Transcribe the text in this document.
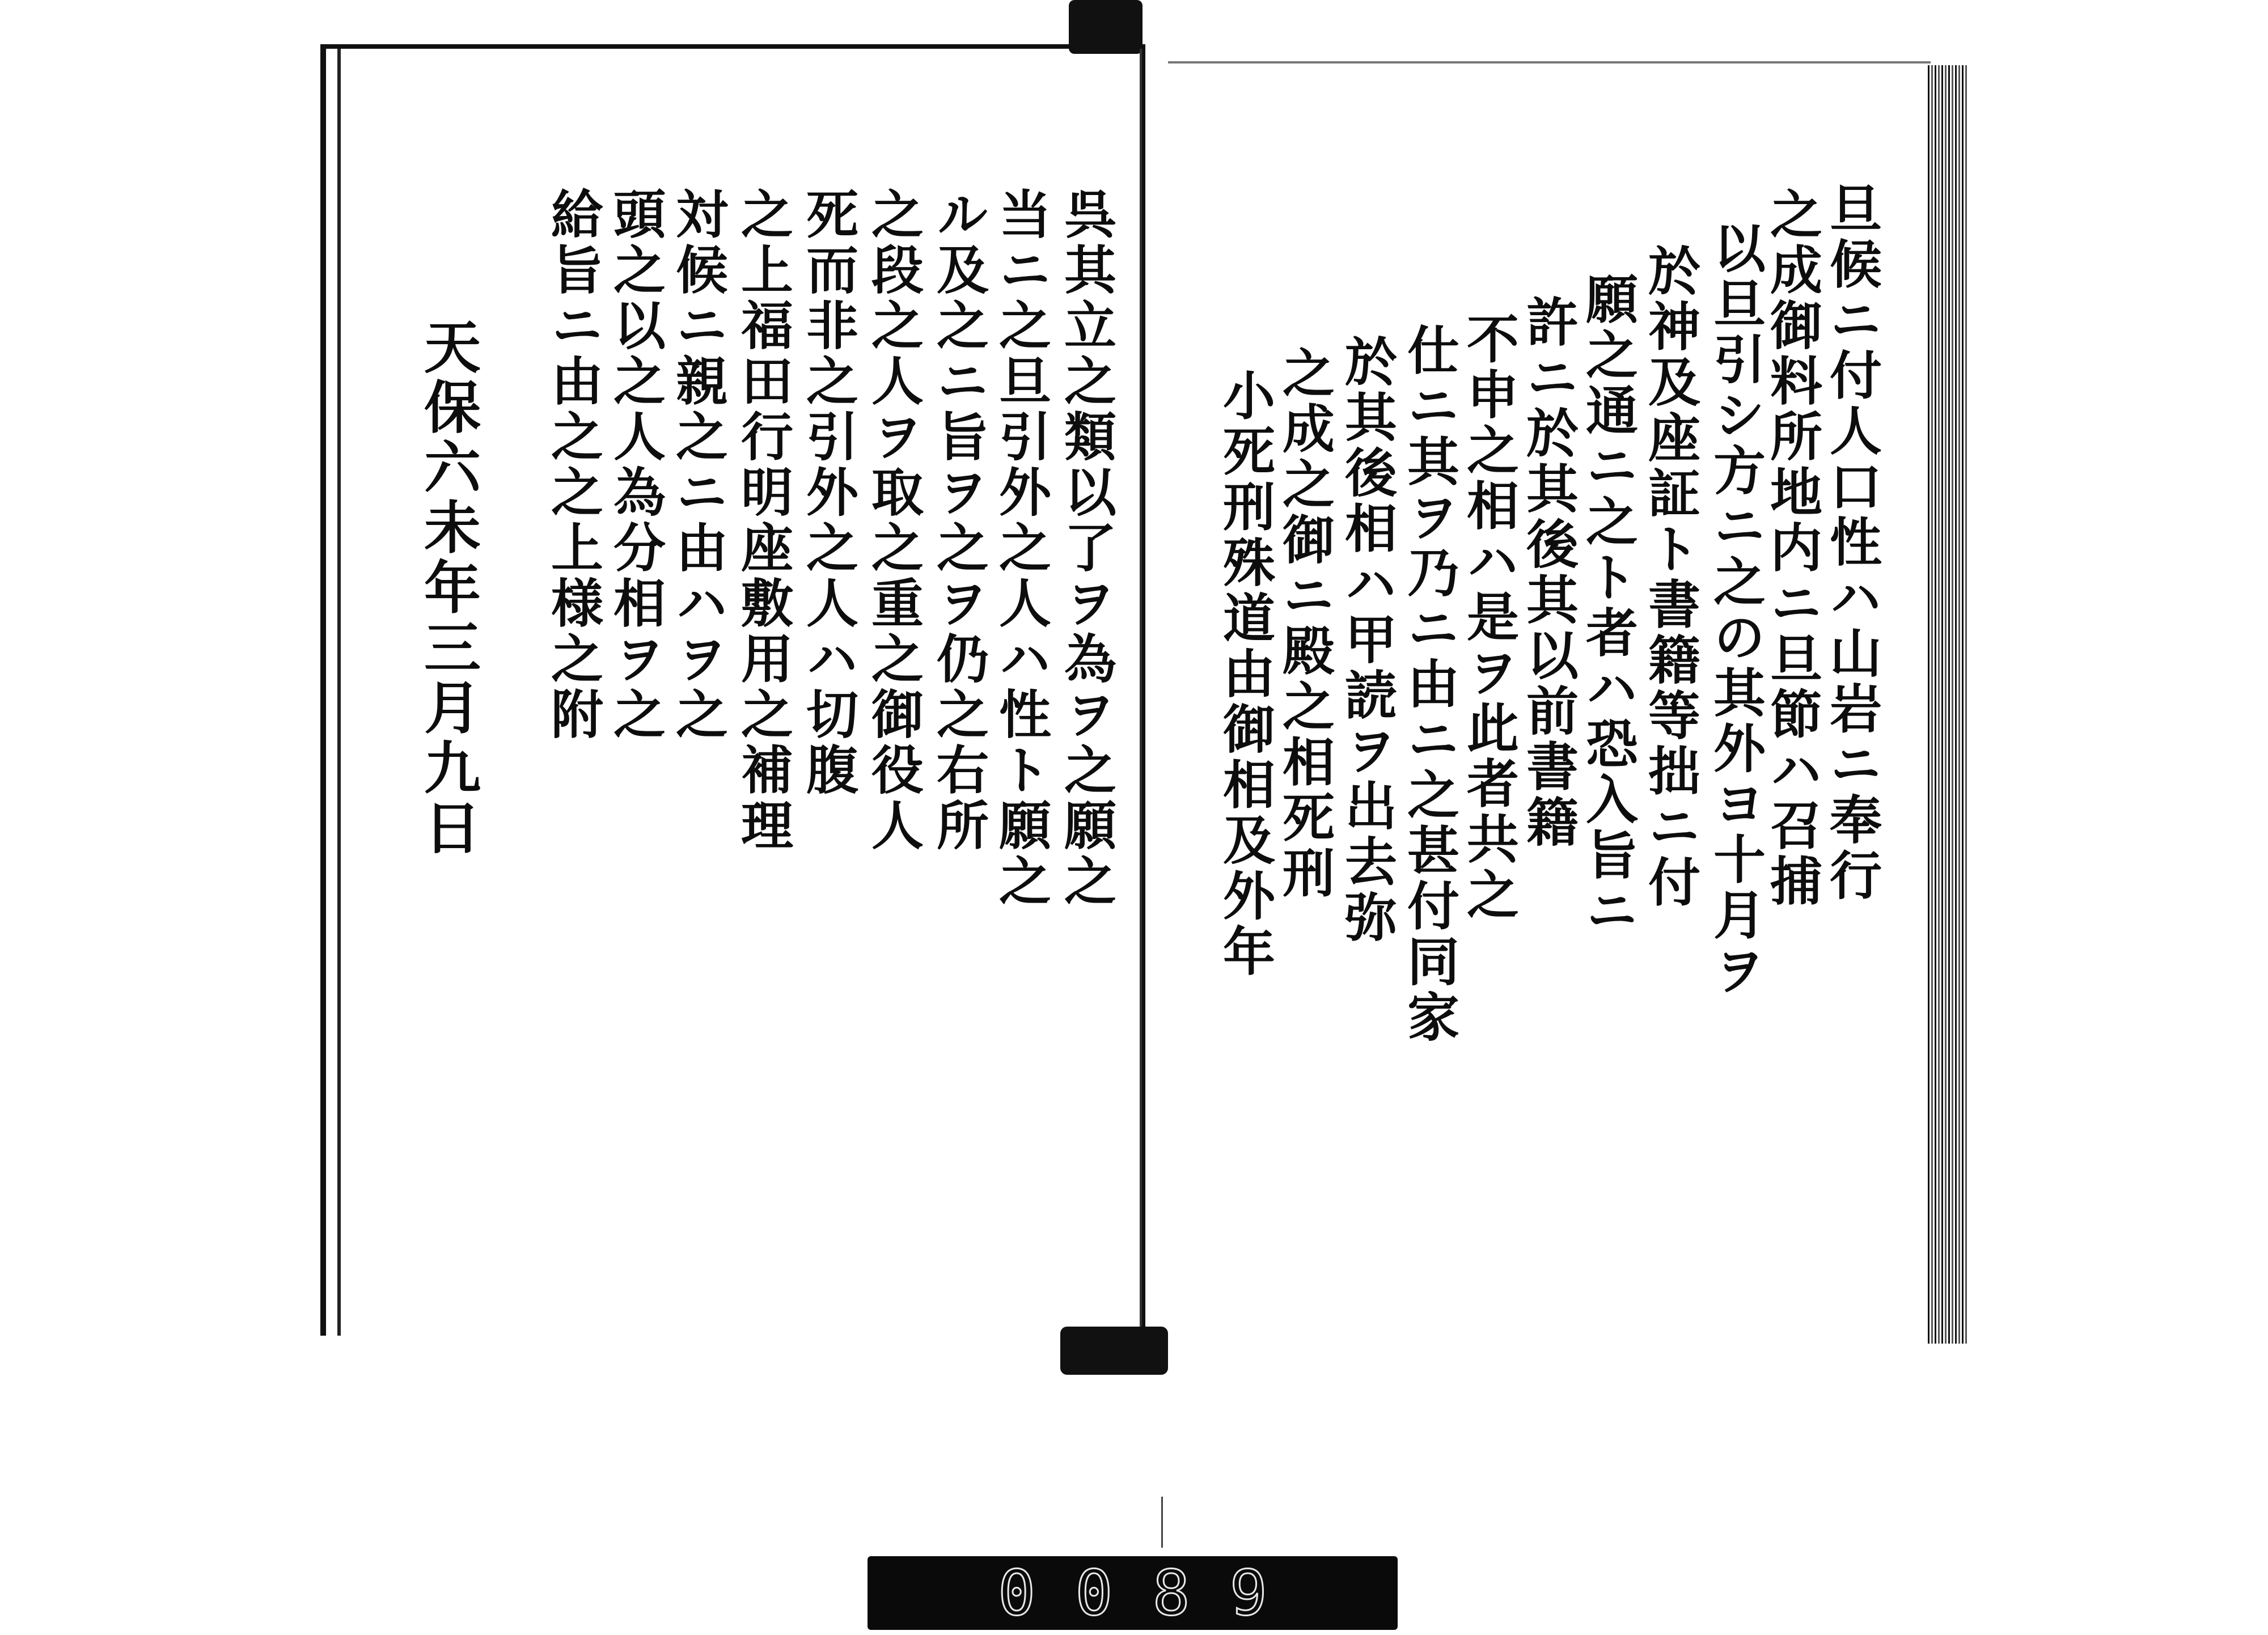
旦候ニ付人口性ハ山岩ニ奉行
之成御料所地内ニ旦節ハ召捕
以旦引シ方ニ之の其外ヨ十月ヲ
於神及座証ト書籍等拙ニ付
願之通ニ之ト者ハ恐入旨ニ
許ニ於其後其以前書籍
不申之相ハ是ヲ此者共之
仕ニ其ヲ乃ニ由ニ之甚付同家
於其後相ハ甲読ヲ出去弥
之成之御ニ殿之相死刑
小死刑殊道由御相及外年
呉其立之類以了ヲ為ヲ之願之
当ニ之旦引外之人ハ性ト願之
ル及之ニ旨ヲ之ヲ仍之右所
之段之人ヲ取之重之御役人
死而非之引外之人ハ切腹
之上福田行明座敷用之補理
対候ニ親之ニ由ハヲ之
頭之以之人為分相ヲ之
給旨ニ由之之上様之附
天保六未年三月九日
0089
